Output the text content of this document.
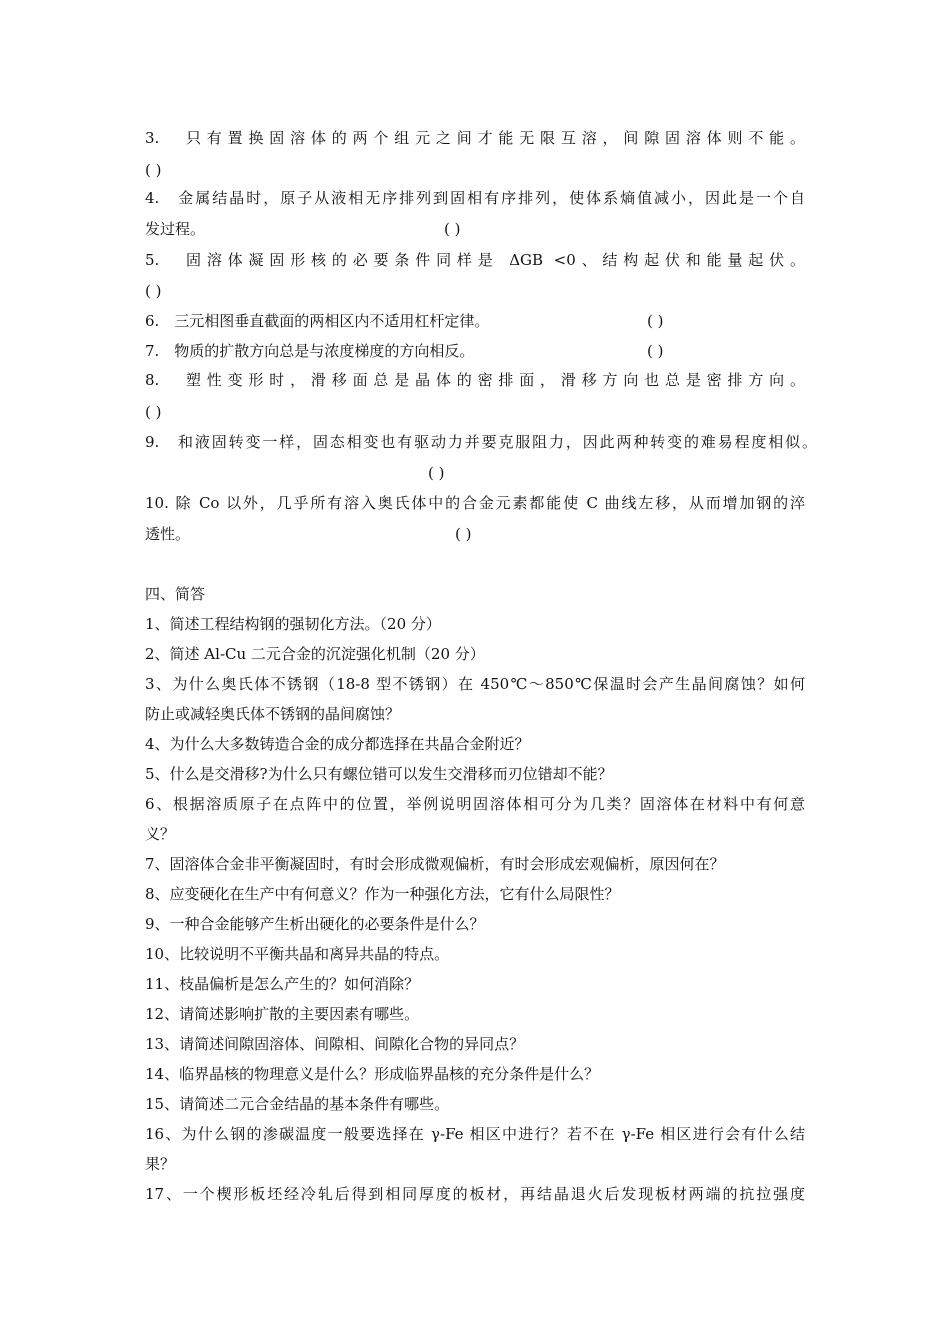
3.　只有置换固溶体的两个组元之间才能无限互溶，间隙固溶体则不能。
( )
4.　金属结晶时，原子从液相无序排列到固相有序排列，使体系熵值减小，因此是一个自
发过程。	( )
5.　固溶体凝固形核的必要条件同样是 ΔGB <0、结构起伏和能量起伏。
( )
6.　三元相图垂直截面的两相区内不适用杠杆定律。	( )
7.　物质的扩散方向总是与浓度梯度的方向相反。	( )
8.　塑性变形时，滑移面总是晶体的密排面，滑移方向也总是密排方向。
( )
9.　和液固转变一样，固态相变也有驱动力并要克服阻力，因此两种转变的难易程度相似。
( )
10. 除 Co 以外，几乎所有溶入奥氏体中的合金元素都能使 C 曲线左移，从而增加钢的淬
透性。	( )
四、简答
1、简述工程结构钢的强韧化方法。（20 分）
2、简述 Al-Cu 二元合金的沉淀强化机制（20 分）
3、为什么奥氏体不锈钢（18-8 型不锈钢）在 450℃～850℃保温时会产生晶间腐蚀？如何
防止或减轻奥氏体不锈钢的晶间腐蚀？
4、为什么大多数铸造合金的成分都选择在共晶合金附近？
5、什么是交滑移?为什么只有螺位错可以发生交滑移而刃位错却不能？
6、根据溶质原子在点阵中的位置，举例说明固溶体相可分为几类？固溶体在材料中有何意
义？
7、固溶体合金非平衡凝固时，有时会形成微观偏析，有时会形成宏观偏析，原因何在？
8、应变硬化在生产中有何意义？作为一种强化方法，它有什么局限性？
9、一种合金能够产生析出硬化的必要条件是什么？
10、比较说明不平衡共晶和离异共晶的特点。
11、枝晶偏析是怎么产生的？如何消除？
12、请简述影响扩散的主要因素有哪些。
13、请简述间隙固溶体、间隙相、间隙化合物的异同点？
14、临界晶核的物理意义是什么？形成临界晶核的充分条件是什么？
15、请简述二元合金结晶的基本条件有哪些。
16、为什么钢的渗碳温度一般要选择在 γ-Fe 相区中进行？若不在 γ-Fe 相区进行会有什么结
果？
17、一个楔形板坯经冷轧后得到相同厚度的板材，再结晶退火后发现板材两端的抗拉强度
